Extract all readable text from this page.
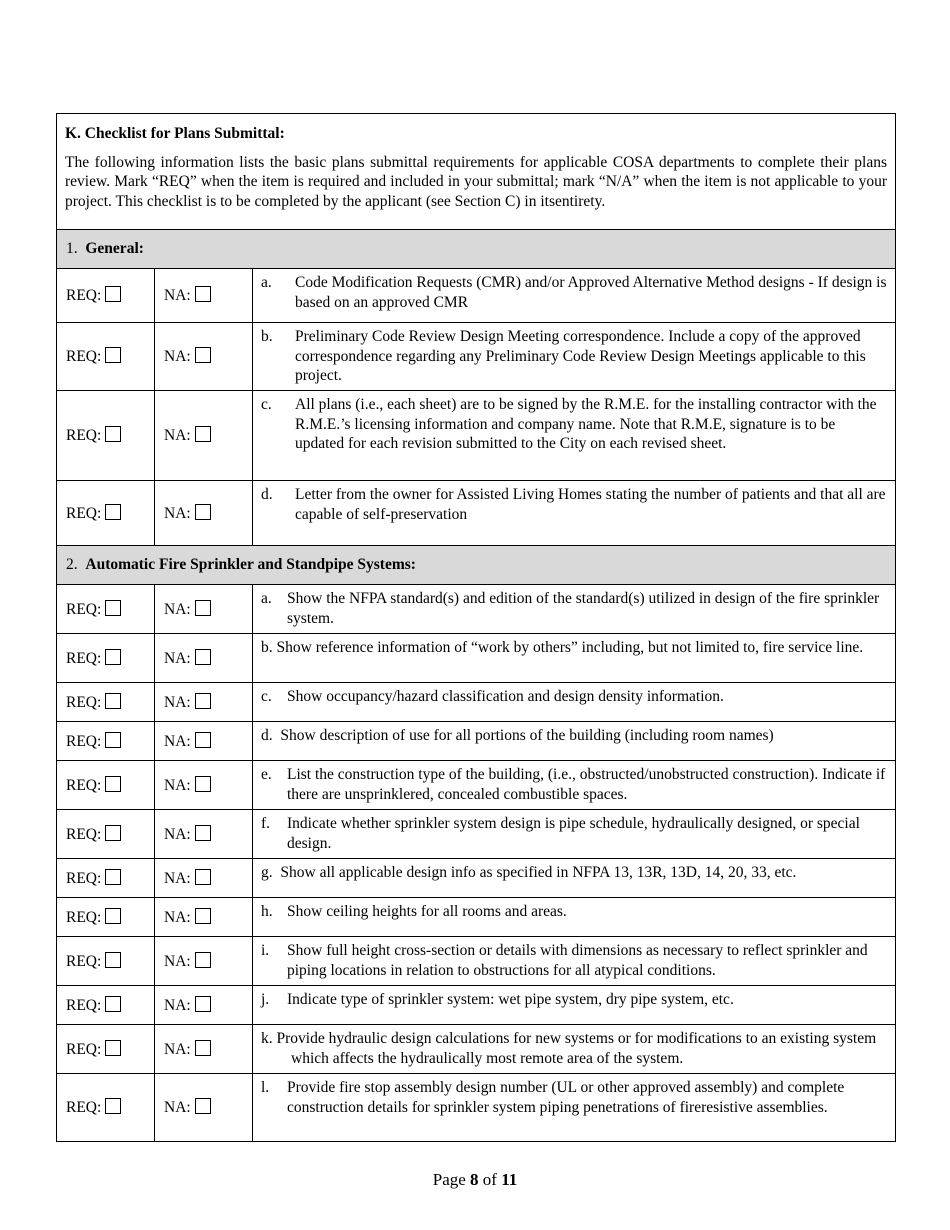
K. Checklist for Plans Submittal:
The following information lists the basic plans submittal requirements for applicable COSA departments to complete their plans review. Mark “REQ” when the item is required and included in your submittal; mark “N/A” when the item is not applicable to your project. This checklist is to be completed by the applicant (see Section C) in itsentirety.		

1. General:		
REQ:	NA:	a. Code Modification Requests (CMR) and/or Approved Alternative Method designs - If design is based on an approved CMR

REQ:	NA:	b. Preliminary Code Review Design Meeting correspondence. Include a copy of the approved correspondence regarding any Preliminary Code Review Design Meetings applicable to this project.

REQ:	NA:	c. All plans (i.e., each sheet) are to be signed by the R.M.E. for the installing contractor with the R.M.E.’s licensing information and company name. Note that R.M.E, signature is to be updated for each revision submitted to the City on each revised sheet.

REQ:	NA:	d. Letter from the owner for Assisted Living Homes stating the number of patients and that all are capable of self-preservation

2. Automatic Fire Sprinkler and Standpipe Systems:		
REQ:	NA:	a. Show the NFPA standard(s) and edition of the standard(s) utilized in design of the fire sprinkler system.

REQ:	NA:	b. Show reference information of “work by others” including, but not limited to, fire service line.

REQ:	NA:	c. Show occupancy/hazard classification and design density information.

REQ:	NA:	d. Show description of use for all portions of the building (including room names)

REQ:	NA:	e. List the construction type of the building, (i.e., obstructed/unobstructed construction). Indicate if there are unsprinklered, concealed combustible spaces.

REQ:	NA:	f. Indicate whether sprinkler system design is pipe schedule, hydraulically designed, or special design.

REQ:	NA:	g. Show all applicable design info as specified in NFPA 13, 13R, 13D, 14, 20, 33, etc.

REQ:	NA:	h. Show ceiling heights for all rooms and areas.

REQ:	NA:	i. Show full height cross-section or details with dimensions as necessary to reflect sprinkler and piping locations in relation to obstructions for all atypical conditions.

REQ:	NA:	j. Indicate type of sprinkler system: wet pipe system, dry pipe system, etc.

REQ:	NA:	k. Provide hydraulic design calculations for new systems or for modifications to an existing system which affects the hydraulically most remote area of the system.

REQ:	NA:	l. Provide fire stop assembly design number (UL or other approved assembly) and complete construction details for sprinkler system piping penetrations of fireresistive assemblies.
Page 8 of 11
